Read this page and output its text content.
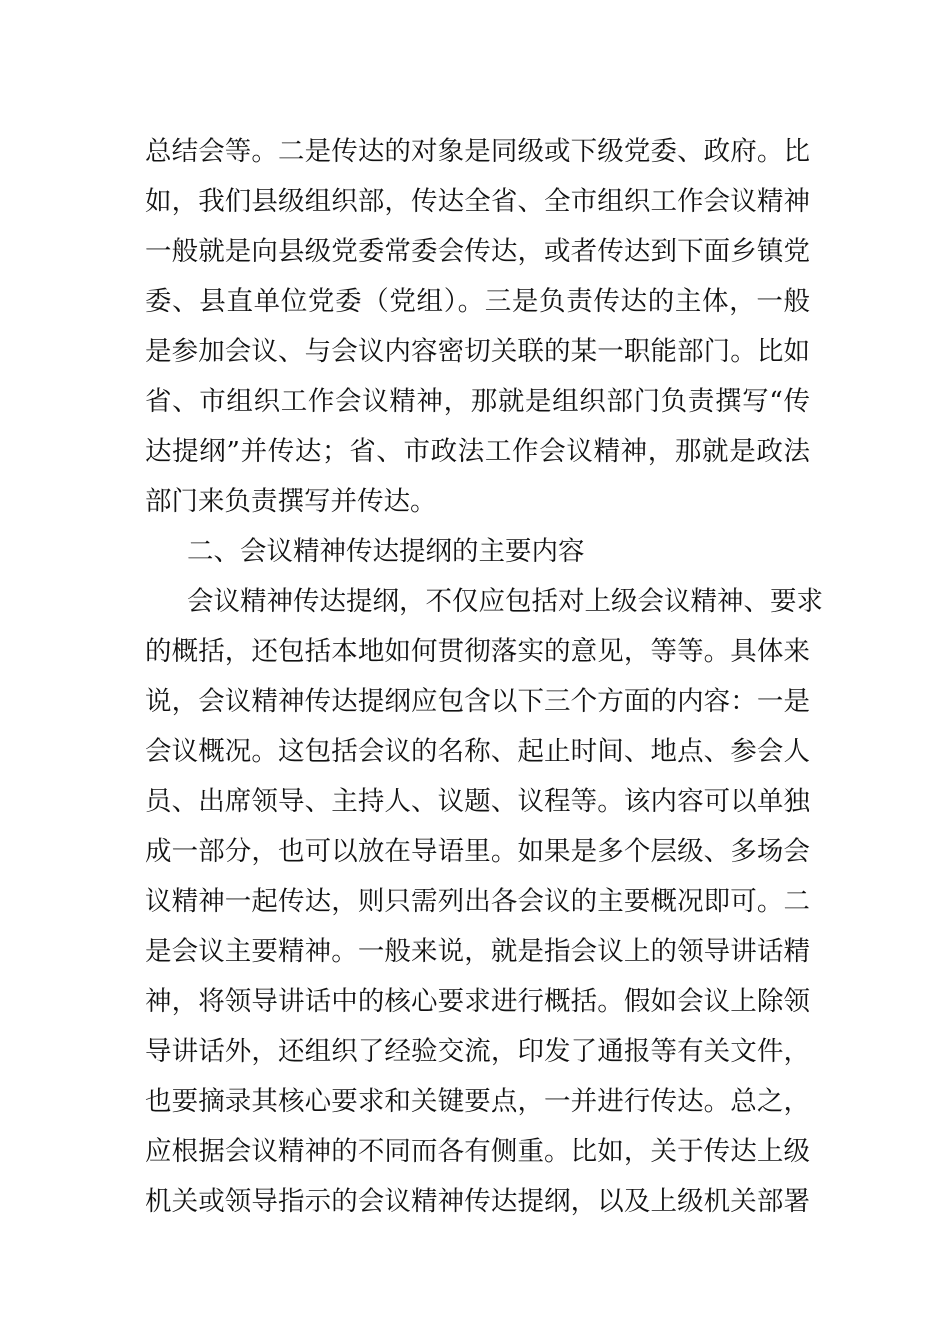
总结会等。二是传达的对象是同级或下级党委、政府。比
如，我们县级组织部，传达全省、全市组织工作会议精神
一般就是向县级党委常委会传达，或者传达到下面乡镇党
委、县直单位党委（党组）。三是负责传达的主体，一般
是参加会议、与会议内容密切关联的某一职能部门。比如
省、市组织工作会议精神，那就是组织部门负责撰写“传
达提纲”并传达；省、市政法工作会议精神，那就是政法
部门来负责撰写并传达。
二、会议精神传达提纲的主要内容
会议精神传达提纲，不仅应包括对上级会议精神、要求
的概括，还包括本地如何贯彻落实的意见，等等。具体来
说，会议精神传达提纲应包含以下三个方面的内容：一是
会议概况。这包括会议的名称、起止时间、地点、参会人
员、出席领导、主持人、议题、议程等。该内容可以单独
成一部分，也可以放在导语里。如果是多个层级、多场会
议精神一起传达，则只需列出各会议的主要概况即可。二
是会议主要精神。一般来说，就是指会议上的领导讲话精
神，将领导讲话中的核心要求进行概括。假如会议上除领
导讲话外，还组织了经验交流，印发了通报等有关文件，
也要摘录其核心要求和关键要点，一并进行传达。总之，
应根据会议精神的不同而各有侧重。比如，关于传达上级
机关或领导指示的会议精神传达提纲，以及上级机关部署
